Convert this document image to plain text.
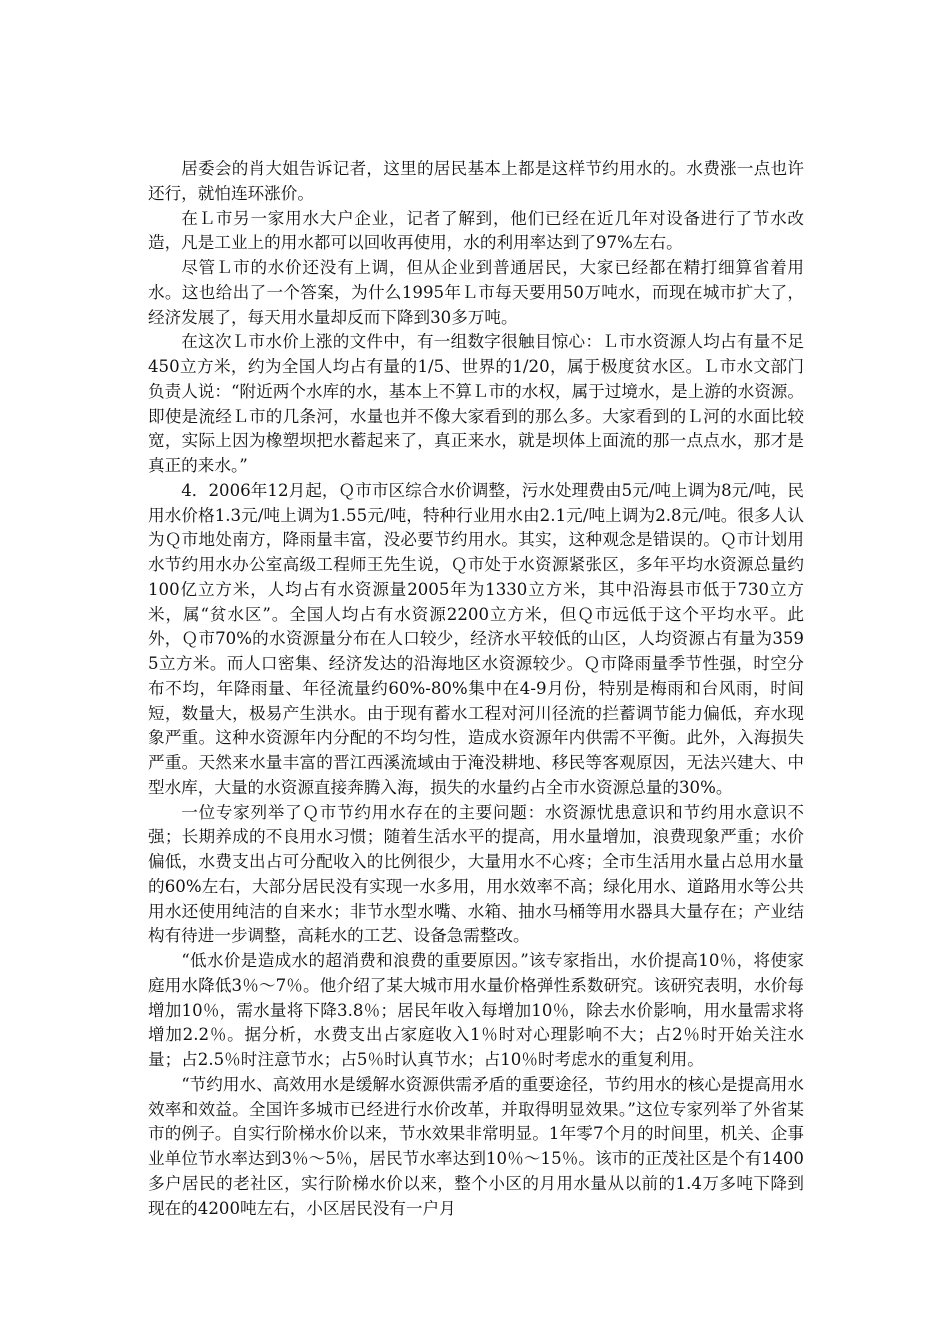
居委会的肖大姐告诉记者，这里的居民基本上都是这样节约用水的。水费涨一点也许还行，就怕连环涨价。

在Ｌ市另一家用水大户企业，记者了解到，他们已经在近几年对设备进行了节水改造，凡是工业上的用水都可以回收再使用，水的利用率达到了97%左右。

尽管Ｌ市的水价还没有上调，但从企业到普通居民，大家已经都在精打细算省着用水。这也给出了一个答案，为什么1995年Ｌ市每天要用50万吨水，而现在城市扩大了，经济发展了，每天用水量却反而下降到30多万吨。

在这次Ｌ市水价上涨的文件中，有一组数字很触目惊心：Ｌ市水资源人均占有量不足450立方米，约为全国人均占有量的1/5、世界的1/20，属于极度贫水区。Ｌ市水文部门负责人说：“附近两个水库的水，基本上不算Ｌ市的水权，属于过境水，是上游的水资源。即使是流经Ｌ市的几条河，水量也并不像大家看到的那么多。大家看到的Ｌ河的水面比较宽，实际上因为橡塑坝把水蓄起来了，真正来水，就是坝体上面流的那一点点水，那才是真正的来水。”

4．2006年12月起，Ｑ市市区综合水价调整，污水处理费由5元/吨上调为8元/吨，民用水价格1.3元/吨上调为1.55元/吨，特种行业用水由2.1元/吨上调为2.8元/吨。很多人认为Ｑ市地处南方，降雨量丰富，没必要节约用水。其实，这种观念是错误的。Ｑ市计划用水节约用水办公室高级工程师王先生说，Ｑ市处于水资源紧张区，多年平均水资源总量约100亿立方米，人均占有水资源量2005年为1330立方米，其中沿海县市低于730立方米，属“贫水区”。全国人均占有水资源2200立方米，但Ｑ市远低于这个平均水平。此外，Ｑ市70%的水资源量分布在人口较少，经济水平较低的山区，人均资源占有量为3595立方米。而人口密集、经济发达的沿海地区水资源较少。Ｑ市降雨量季节性强，时空分布不均，年降雨量、年径流量约60%-80%集中在4-9月份，特别是梅雨和台风雨，时间短，数量大，极易产生洪水。由于现有蓄水工程对河川径流的拦蓄调节能力偏低，弃水现象严重。这种水资源年内分配的不均匀性，造成水资源年内供需不平衡。此外，入海损失严重。天然来水量丰富的晋江西溪流域由于淹没耕地、移民等客观原因，无法兴建大、中型水库，大量的水资源直接奔腾入海，损失的水量约占全市水资源总量的30%。

一位专家列举了Ｑ市节约用水存在的主要问题：水资源忧患意识和节约用水意识不强；长期养成的不良用水习惯；随着生活水平的提高，用水量增加，浪费现象严重；水价偏低，水费支出占可分配收入的比例很少，大量用水不心疼；全市生活用水量占总用水量的60%左右，大部分居民没有实现一水多用，用水效率不高；绿化用水、道路用水等公共用水还使用纯洁的自来水；非节水型水嘴、水箱、抽水马桶等用水器具大量存在；产业结构有待进一步调整，高耗水的工艺、设备急需整改。

“低水价是造成水的超消费和浪费的重要原因。”该专家指出，水价提高10％，将使家庭用水降低3％～7％。他介绍了某大城市用水量价格弹性系数研究。该研究表明，水价每增加10％，需水量将下降3.8％；居民年收入每增加10％，除去水价影响，用水量需求将增加2.2％。据分析，水费支出占家庭收入1％时对心理影响不大；占2％时开始关注水量；占2.5％时注意节水；占5％时认真节水；占10％时考虑水的重复利用。

“节约用水、高效用水是缓解水资源供需矛盾的重要途径，节约用水的核心是提高用水效率和效益。全国许多城市已经进行水价改革，并取得明显效果。”这位专家列举了外省某市的例子。自实行阶梯水价以来，节水效果非常明显。1年零7个月的时间里，机关、企事业单位节水率达到3％～5％，居民节水率达到10％～15％。该市的正茂社区是个有1400多户居民的老社区，实行阶梯水价以来，整个小区的月用水量从以前的1.4万多吨下降到现在的4200吨左右，小区居民没有一户月
